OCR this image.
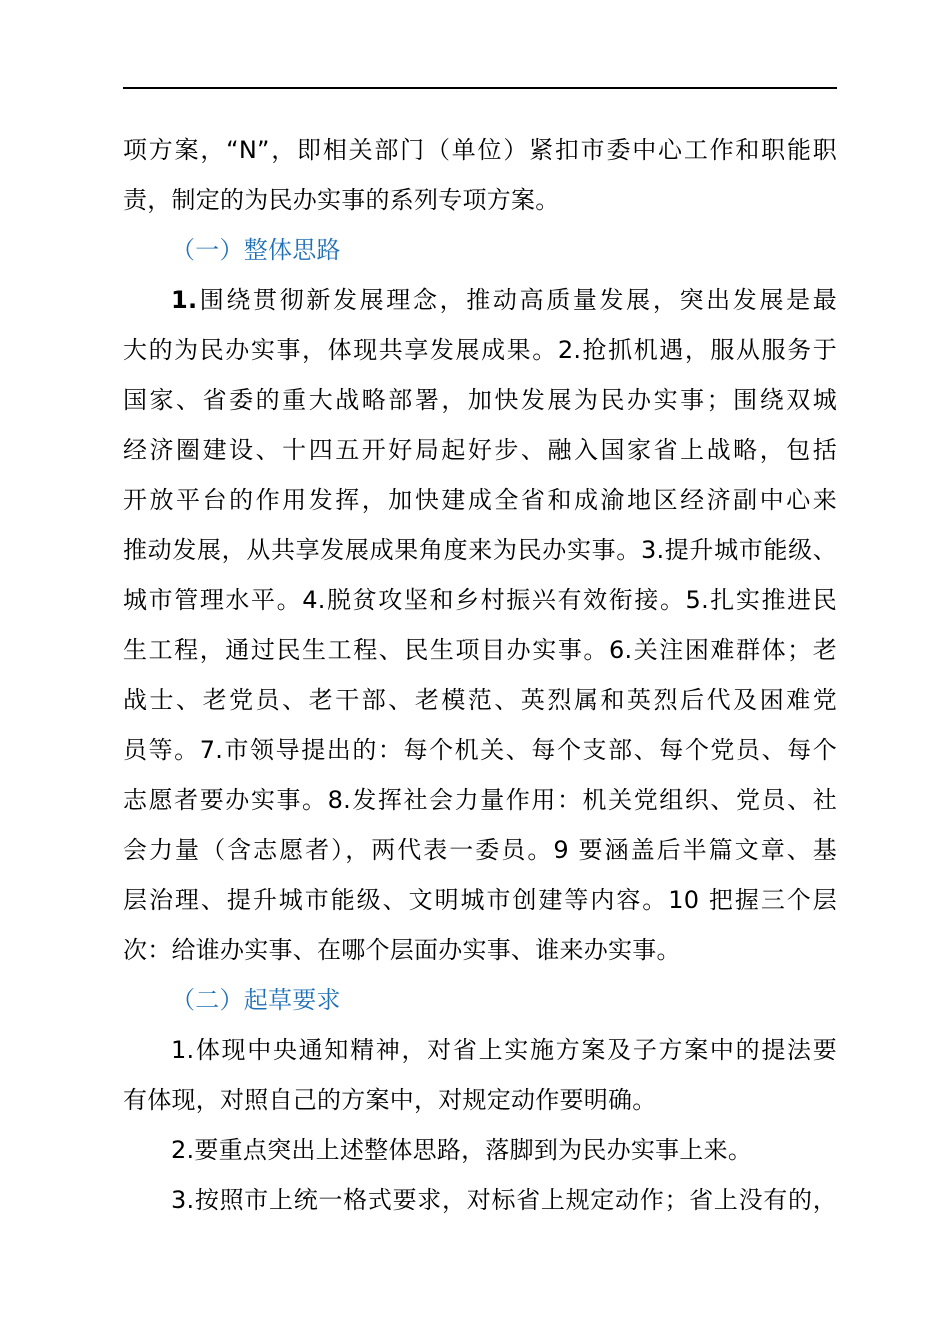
项方案，“N”，即相关部门（单位）紧扣市委中心工作和职能职
责，制定的为民办实事的系列专项方案。
（一）整体思路
1.围绕贯彻新发展理念，推动高质量发展，突出发展是最
大的为民办实事，体现共享发展成果。2.抢抓机遇，服从服务于
国家、省委的重大战略部署，加快发展为民办实事；围绕双城
经济圈建设、十四五开好局起好步、融入国家省上战略，包括
开放平台的作用发挥，加快建成全省和成渝地区经济副中心来
推动发展，从共享发展成果角度来为民办实事。3.提升城市能级、
城市管理水平。4.脱贫攻坚和乡村振兴有效衔接。5.扎实推进民
生工程，通过民生工程、民生项目办实事。6.关注困难群体；老
战士、老党员、老干部、老模范、英烈属和英烈后代及困难党
员等。7.市领导提出的：每个机关、每个支部、每个党员、每个
志愿者要办实事。8.发挥社会力量作用：机关党组织、党员、社
会力量（含志愿者），两代表一委员。9 要涵盖后半篇文章、基
层治理、提升城市能级、文明城市创建等内容。10 把握三个层
次：给谁办实事、在哪个层面办实事、谁来办实事。
（二）起草要求
1.体现中央通知精神，对省上实施方案及子方案中的提法要
有体现，对照自己的方案中，对规定动作要明确。
2.要重点突出上述整体思路，落脚到为民办实事上来。
3.按照市上统一格式要求，对标省上规定动作；省上没有的，
